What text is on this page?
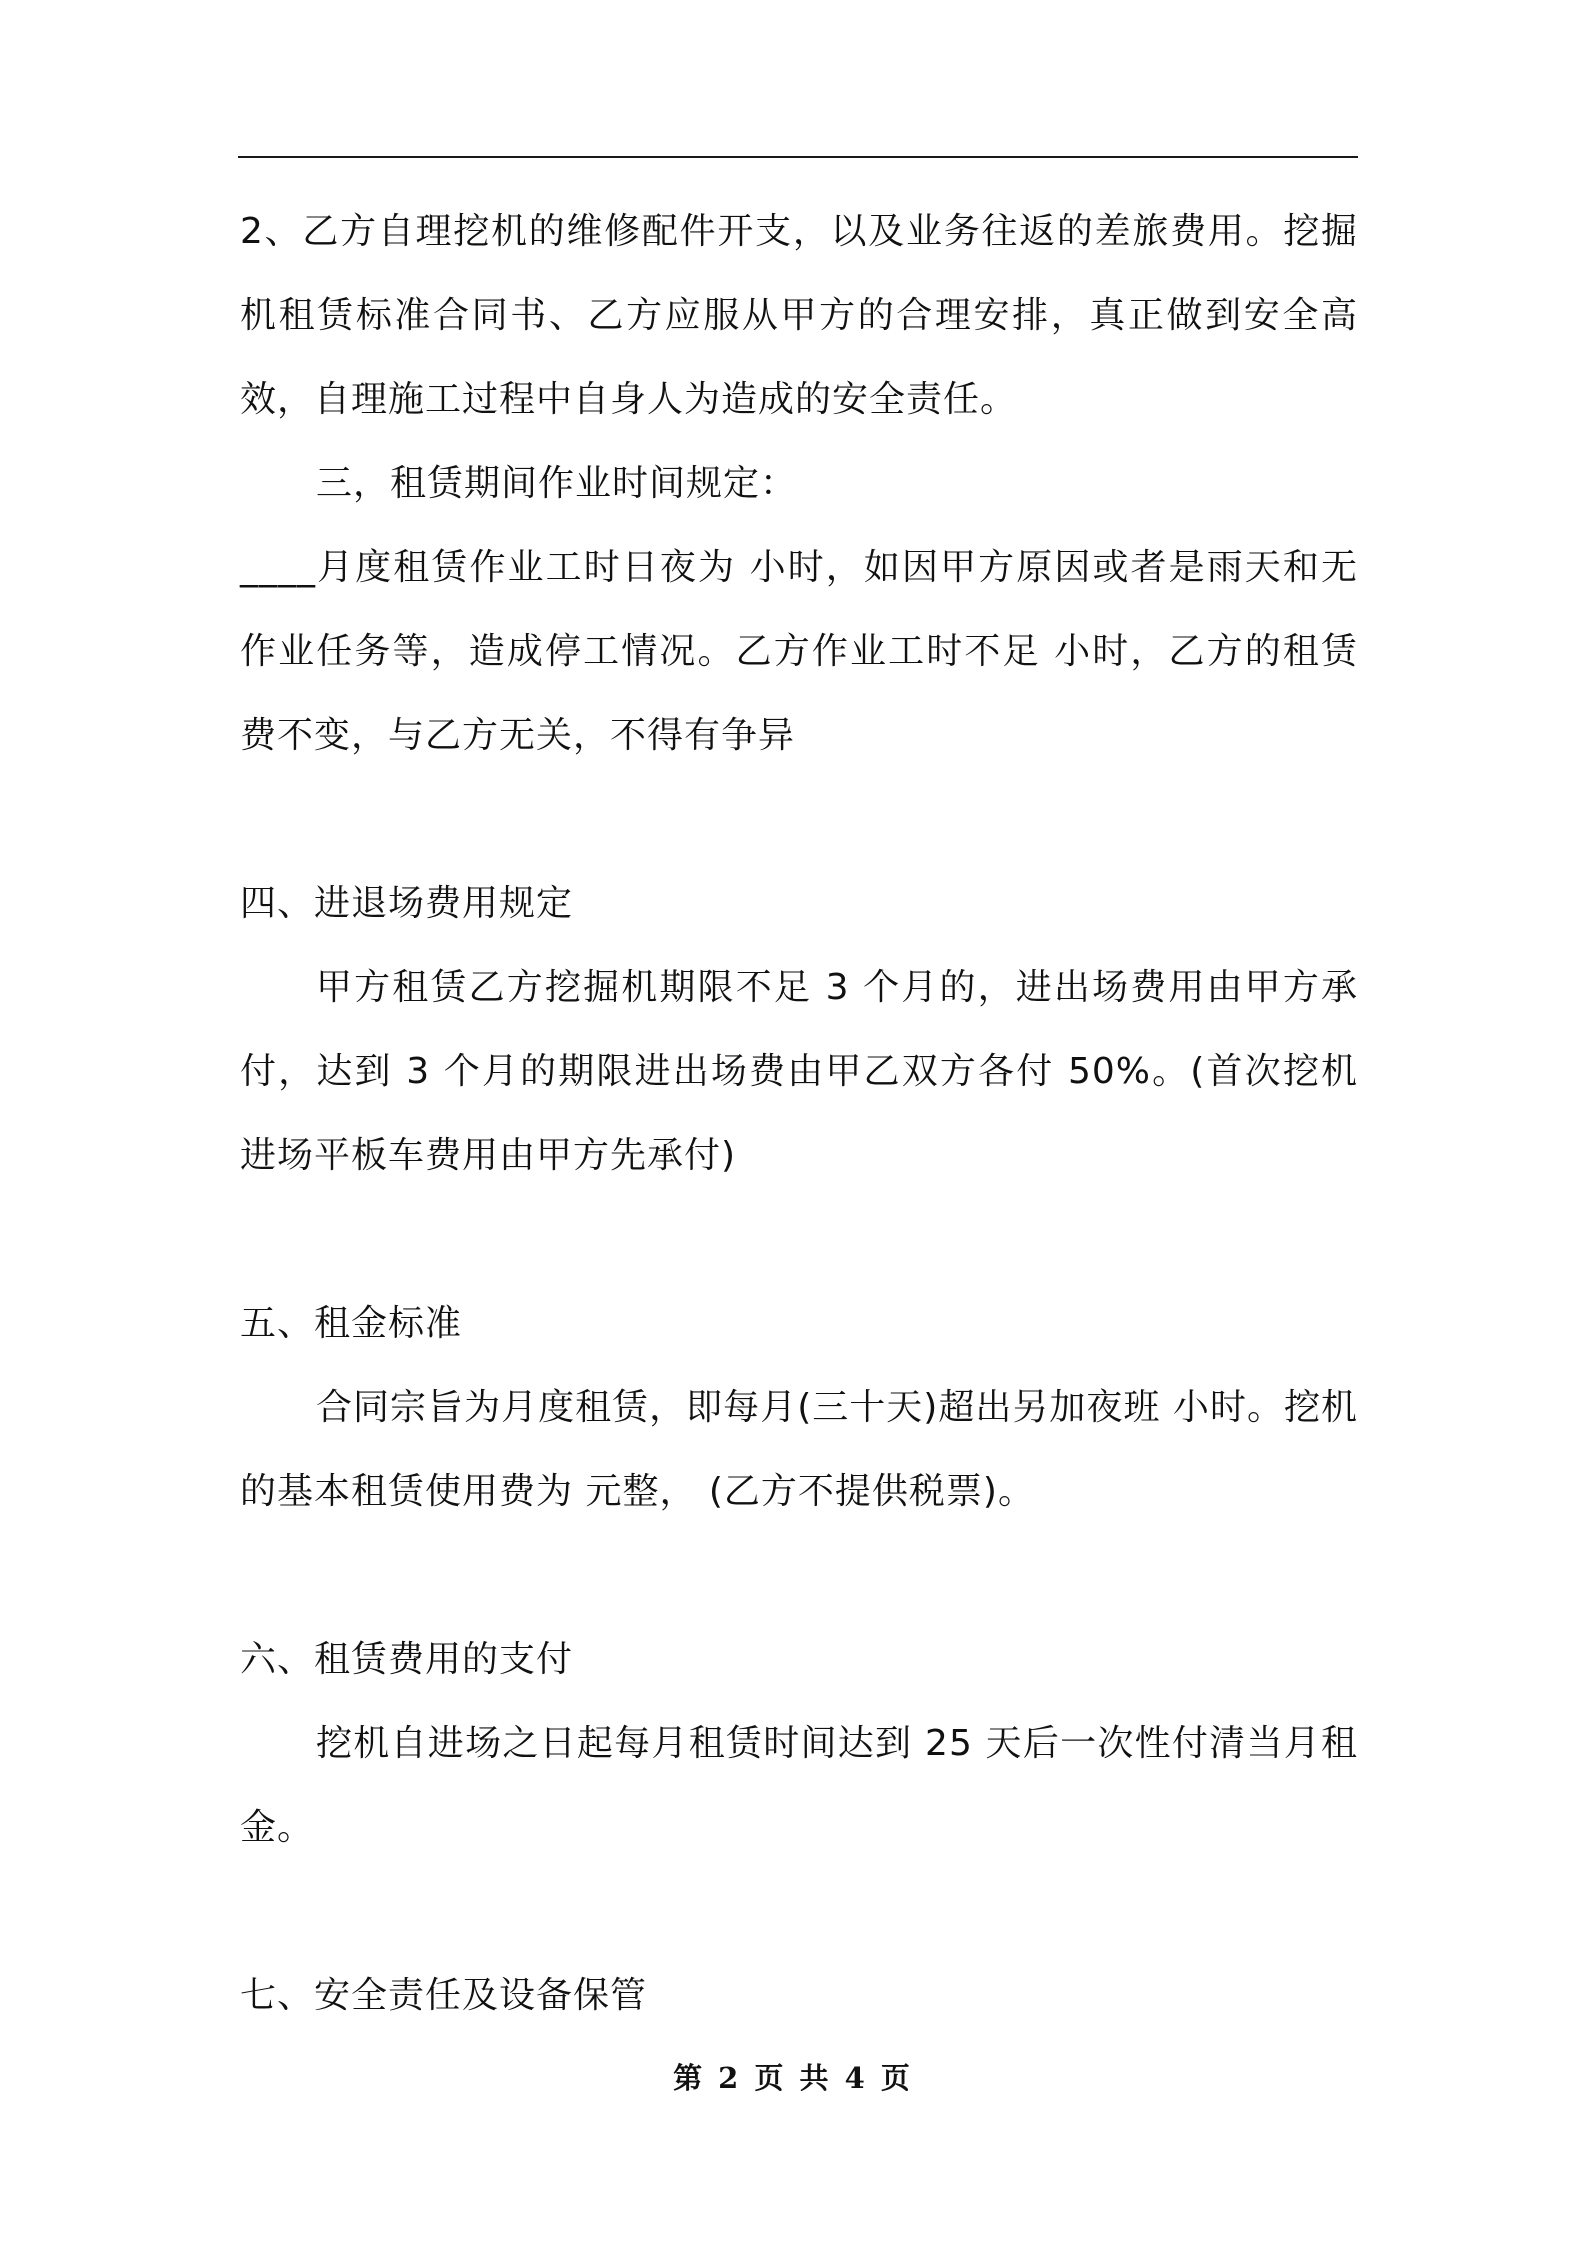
2、乙方自理挖机的维修配件开支，以及业务往返的差旅费用。挖掘机租赁标准合同书、乙方应服从甲方的合理安排，真正做到安全高效，自理施工过程中自身人为造成的安全责任。

三，租赁期间作业时间规定：

____月度租赁作业工时日夜为 小时，如因甲方原因或者是雨天和无作业任务等，造成停工情况。乙方作业工时不足 小时，乙方的租赁费不变，与乙方无关，不得有争异

四、进退场费用规定

甲方租赁乙方挖掘机期限不足 3 个月的，进出场费用由甲方承付，达到 3 个月的期限进出场费由甲乙双方各付 50%。(首次挖机进场平板车费用由甲方先承付)

五、租金标准

合同宗旨为月度租赁，即每月(三十天)超出另加夜班 小时。挖机的基本租赁使用费为 元整， (乙方不提供税票)。

六、租赁费用的支付

挖机自进场之日起每月租赁时间达到 25 天后一次性付清当月租金。

七、安全责任及设备保管

第 2 页 共 4 页
